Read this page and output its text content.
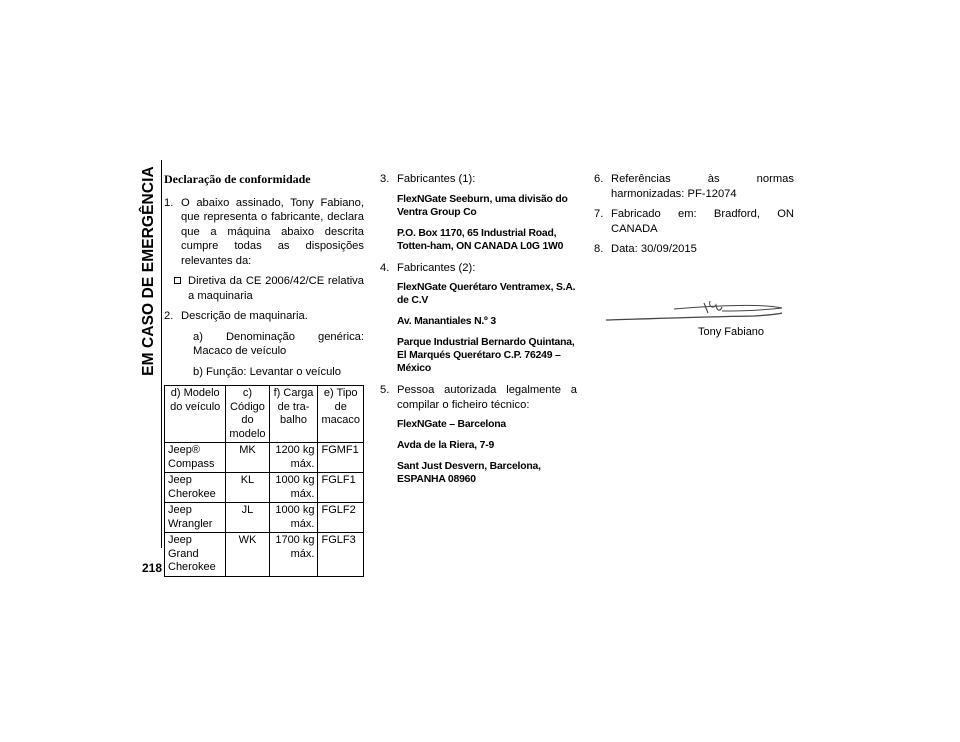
EM CASO DE EMERGÊNCIA
218
Declaração de conformidade
1. O abaixo assinado, Tony Fabiano, que representa o fabricante, declara que a máquina abaixo descrita cumpre todas as disposições relevantes da:
Diretiva da CE 2006/42/CE relativa a maquinaria
2. Descrição de maquinaria.
a) Denominação genérica: Macaco de veículo
b) Função: Levantar o veículo
d) Modelo do veículo	c) Código do modelo	f) Carga de tra-balho	e) Tipo de macaco
Jeep® Compass	MK	1200 kg máx.	FGMF1
Jeep Cherokee	KL	1000 kg máx.	FGLF1
Jeep Wrangler	JL	1000 kg máx.	FGLF2
Jeep Grand Cherokee	WK	1700 kg máx.	FGLF3
3. Fabricantes (1):
FlexNGate Seeburn, uma divisão do Ventra Group Co
P.O. Box 1170, 65 Industrial Road, Totten-ham, ON CANADA L0G 1W0
4. Fabricantes (2):
FlexNGate Querétaro Ventramex, S.A. de C.V
Av. Manantiales N.º 3
Parque Industrial Bernardo Quintana, El Marqués Querétaro C.P. 76249 – México
5. Pessoa autorizada legalmente a compilar o ficheiro técnico:
FlexNGate – Barcelona
Avda de la Riera, 7-9
Sant Just Desvern, Barcelona, ESPANHA 08960
6. Referências às normas harmonizadas: PF-12074
7. Fabricado em: Bradford, ON CANADA
8. Data: 30/09/2015
Tony Fabiano
